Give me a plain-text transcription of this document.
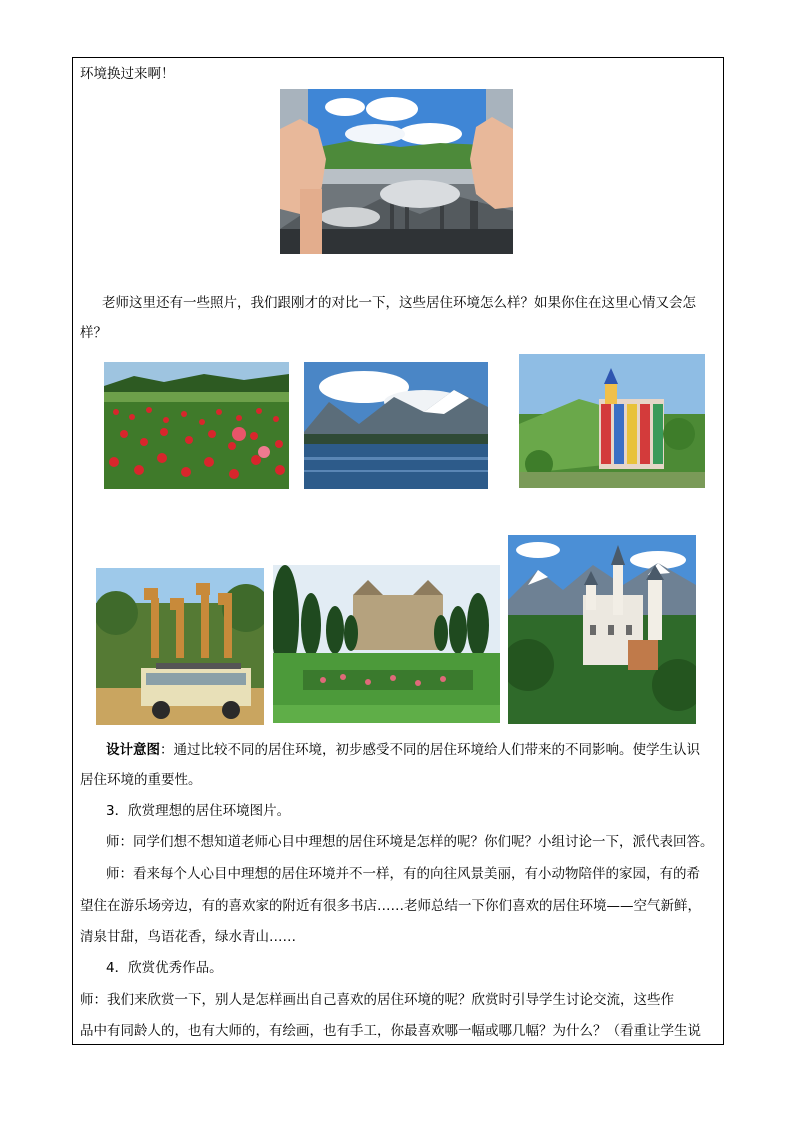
环境换过来啊！
老师这里还有一些照片，我们跟刚才的对比一下，这些居住环境怎么样？如果你住在这里心情又会怎
样？
设计意图：通过比较不同的居住环境，初步感受不同的居住环境给人们带来的不同影响。使学生认识
居住环境的重要性。
3．欣赏理想的居住环境图片。
师：同学们想不想知道老师心目中理想的居住环境是怎样的呢？你们呢？小组讨论一下，派代表回答。
师：看来每个人心目中理想的居住环境并不一样，有的向往风景美丽，有小动物陪伴的家园，有的希
望住在游乐场旁边，有的喜欢家的附近有很多书店……老师总结一下你们喜欢的居住环境——空气新鲜，
清泉甘甜，鸟语花香，绿水青山……
4．欣赏优秀作品。
师：我们来欣赏一下，别人是怎样画出自己喜欢的居住环境的呢？欣赏时引导学生讨论交流，这些作
品中有同龄人的，也有大师的，有绘画，也有手工，你最喜欢哪一幅或哪几幅？为什么？（看重让学生说
